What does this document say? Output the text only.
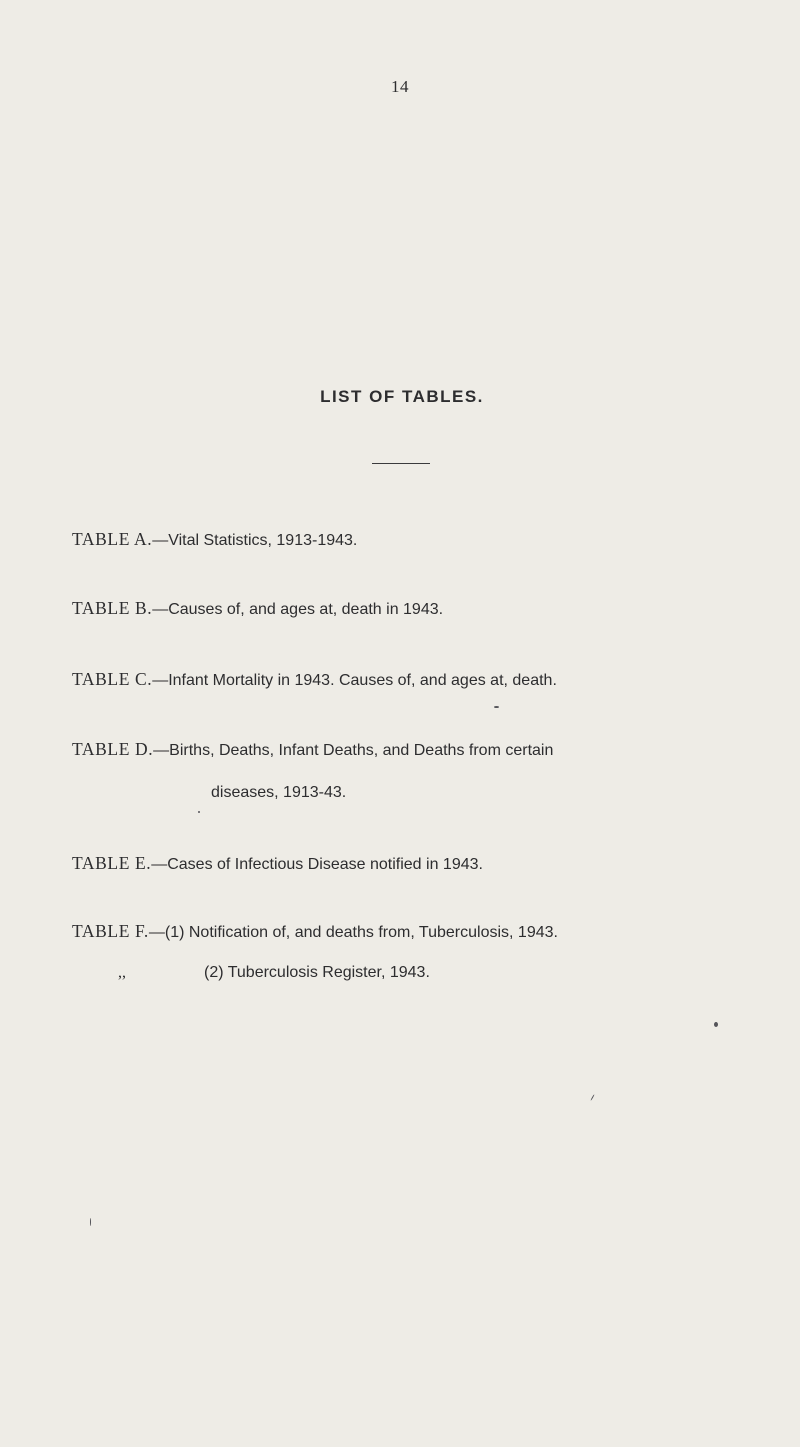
14
LIST OF TABLES.
TABLE A.—Vital Statistics, 1913-1943.
TABLE B.—Causes of, and ages at, death in 1943.
TABLE C.—Infant Mortality in 1943. Causes of, and ages at, death.
TABLE D.—Births, Deaths, Infant Deaths, and Deaths from certain
diseases, 1913-43.
TABLE E.—Cases of Infectious Disease notified in 1943.
TABLE F.—(1) Notification of, and deaths from, Tuberculosis, 1943.
,,	(2) Tuberculosis Register, 1943.
